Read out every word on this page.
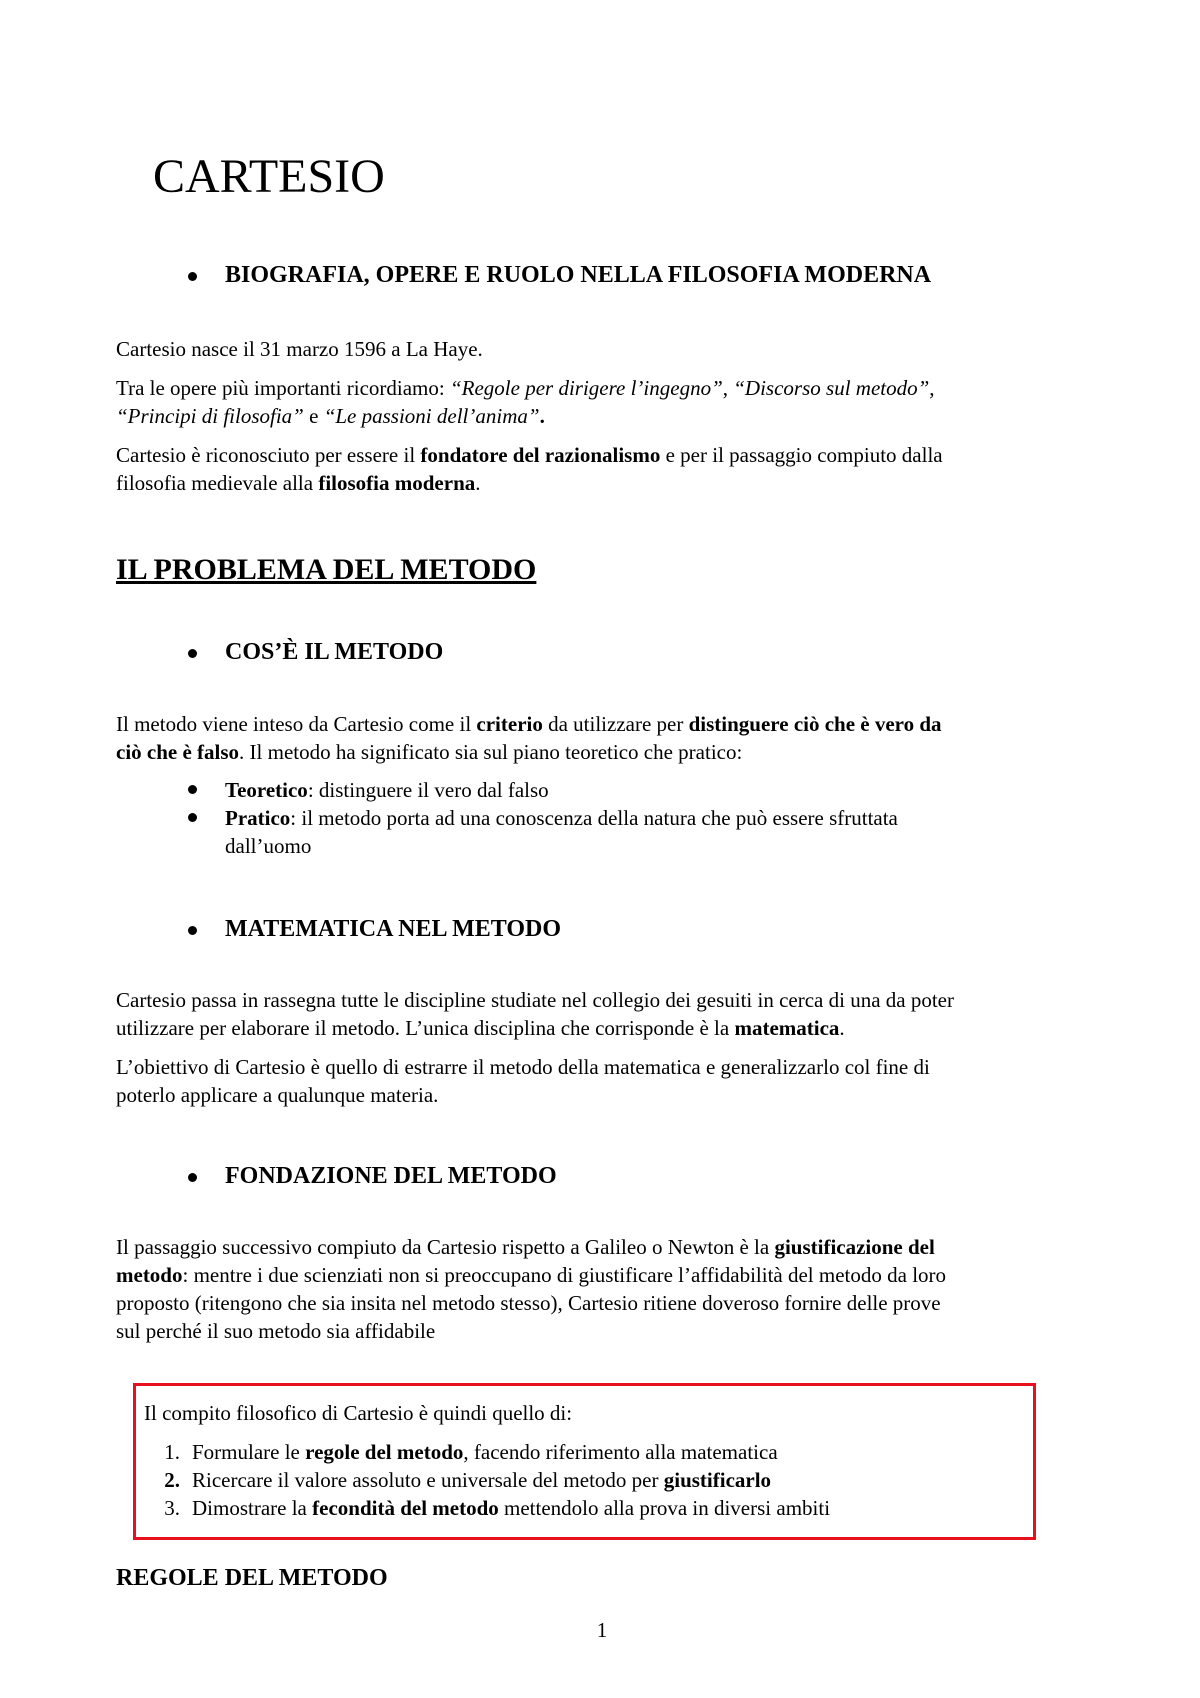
CARTESIO
BIOGRAFIA, OPERE E RUOLO NELLA FILOSOFIA MODERNA
Cartesio nasce il 31 marzo 1596 a La Haye.
Tra le opere più importanti ricordiamo: “Regole per dirigere l’ingegno”, “Discorso sul metodo”,
“Principi di filosofia” e “Le passioni dell’anima”.
Cartesio è riconosciuto per essere il fondatore del razionalismo e per il passaggio compiuto dalla
filosofia medievale alla filosofia moderna.
IL PROBLEMA DEL METODO
COS’È IL METODO
Il metodo viene inteso da Cartesio come il criterio da utilizzare per distinguere ciò che è vero da
ciò che è falso. Il metodo ha significato sia sul piano teoretico che pratico:
Teoretico: distinguere il vero dal falso
Pratico: il metodo porta ad una conoscenza della natura che può essere sfruttata
dall’uomo
MATEMATICA NEL METODO
Cartesio passa in rassegna tutte le discipline studiate nel collegio dei gesuiti in cerca di una da poter
utilizzare per elaborare il metodo. L’unica disciplina che corrisponde è la matematica.
L’obiettivo di Cartesio è quello di estrarre il metodo della matematica e generalizzarlo col fine di
poterlo applicare a qualunque materia.
FONDAZIONE DEL METODO
Il passaggio successivo compiuto da Cartesio rispetto a Galileo o Newton è la giustificazione del
metodo: mentre i due scienziati non si preoccupano di giustificare l’affidabilità del metodo da loro
proposto (ritengono che sia insita nel metodo stesso), Cartesio ritiene doveroso fornire delle prove
sul perché il suo metodo sia affidabile
Il compito filosofico di Cartesio è quindi quello di:
1. Formulare le regole del metodo, facendo riferimento alla matematica
2. Ricercare il valore assoluto e universale del metodo per giustificarlo
3. Dimostrare la fecondità del metodo mettendolo alla prova in diversi ambiti
REGOLE DEL METODO
1
